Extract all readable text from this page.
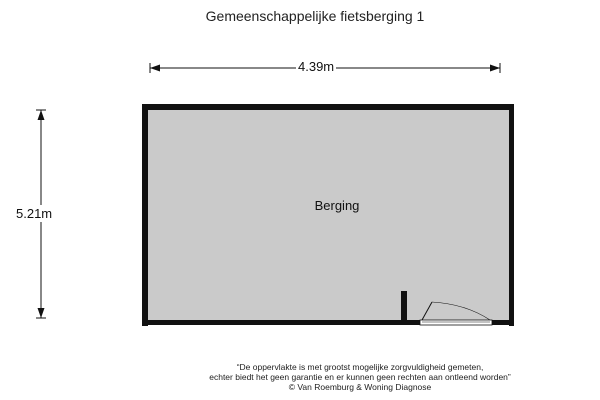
Gemeenschappelijke fietsberging 1
4.39m
5.21m
Berging
“De oppervlakte is met grootst mogelijke zorgvuldigheid gemeten,
echter biedt het geen garantie en er kunnen geen rechten aan ontleend worden”
© Van Roemburg & Woning Diagnose
